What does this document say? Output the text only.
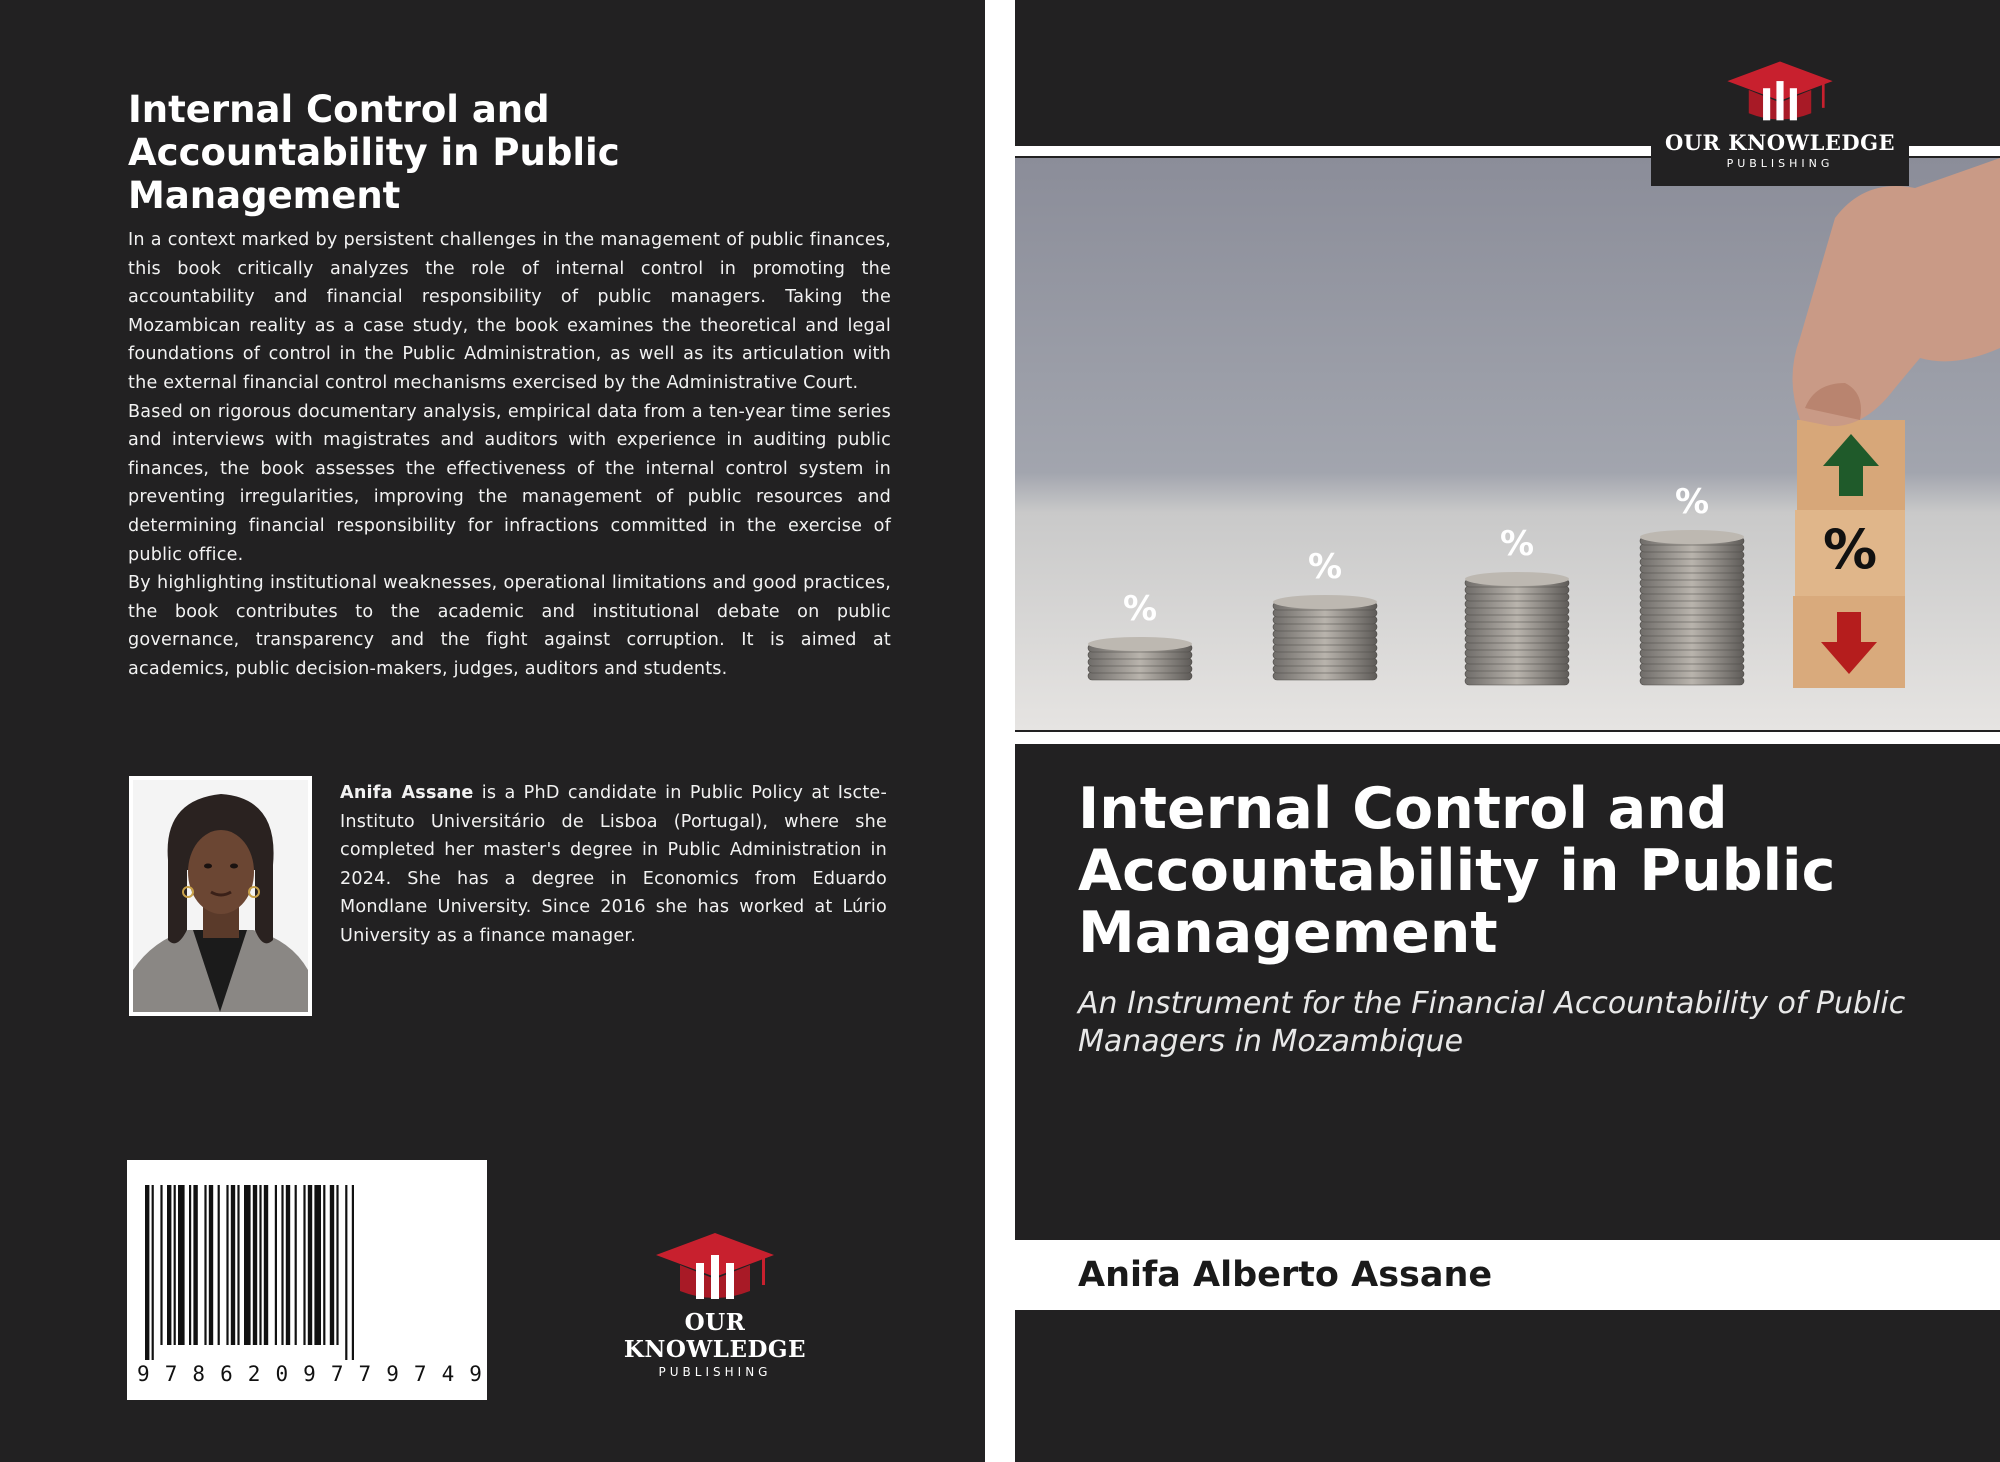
Internal Control and Accountability in Public Management

In a context marked by persistent challenges in the management of public finances, this book critically analyzes the role of internal control in promoting the accountability and financial responsibility of public managers. Taking the Mozambican reality as a case study, the book examines the theoretical and legal foundations of control in the Public Administration, as well as its articulation with the external financial control mechanisms exercised by the Administrative Court.

Based on rigorous documentary analysis, empirical data from a ten-year time series and interviews with magistrates and auditors with experience in auditing public finances, the book assesses the effectiveness of the internal control system in preventing irregularities, improving the management of public resources and determining financial responsibility for infractions committed in the exercise of public office.

By highlighting institutional weaknesses, operational limitations and good practices, the book contributes to the academic and institutional debate on public governance, transparency and the fight against corruption. It is aimed at academics, public decision-makers, judges, auditors and students.

Anifa Assane is a PhD candidate in Public Policy at Iscte-Instituto Universitário de Lisboa (Portugal), where she completed her master's degree in Public Administration in 2024. She has a degree in Economics from Eduardo Mondlane University. Since 2016 she has worked at Lúrio University as a finance manager.
9 7 8 6 2 0 9 7 7 9 7 4 9
OUR KNOWLEDGE
PUBLISHING
%
%
%
%
%
OUR KNOWLEDGE
PUBLISHING
Internal Control and Accountability in Public Management
An Instrument for the Financial Accountability of Public Managers in Mozambique
Anifa Alberto Assane
